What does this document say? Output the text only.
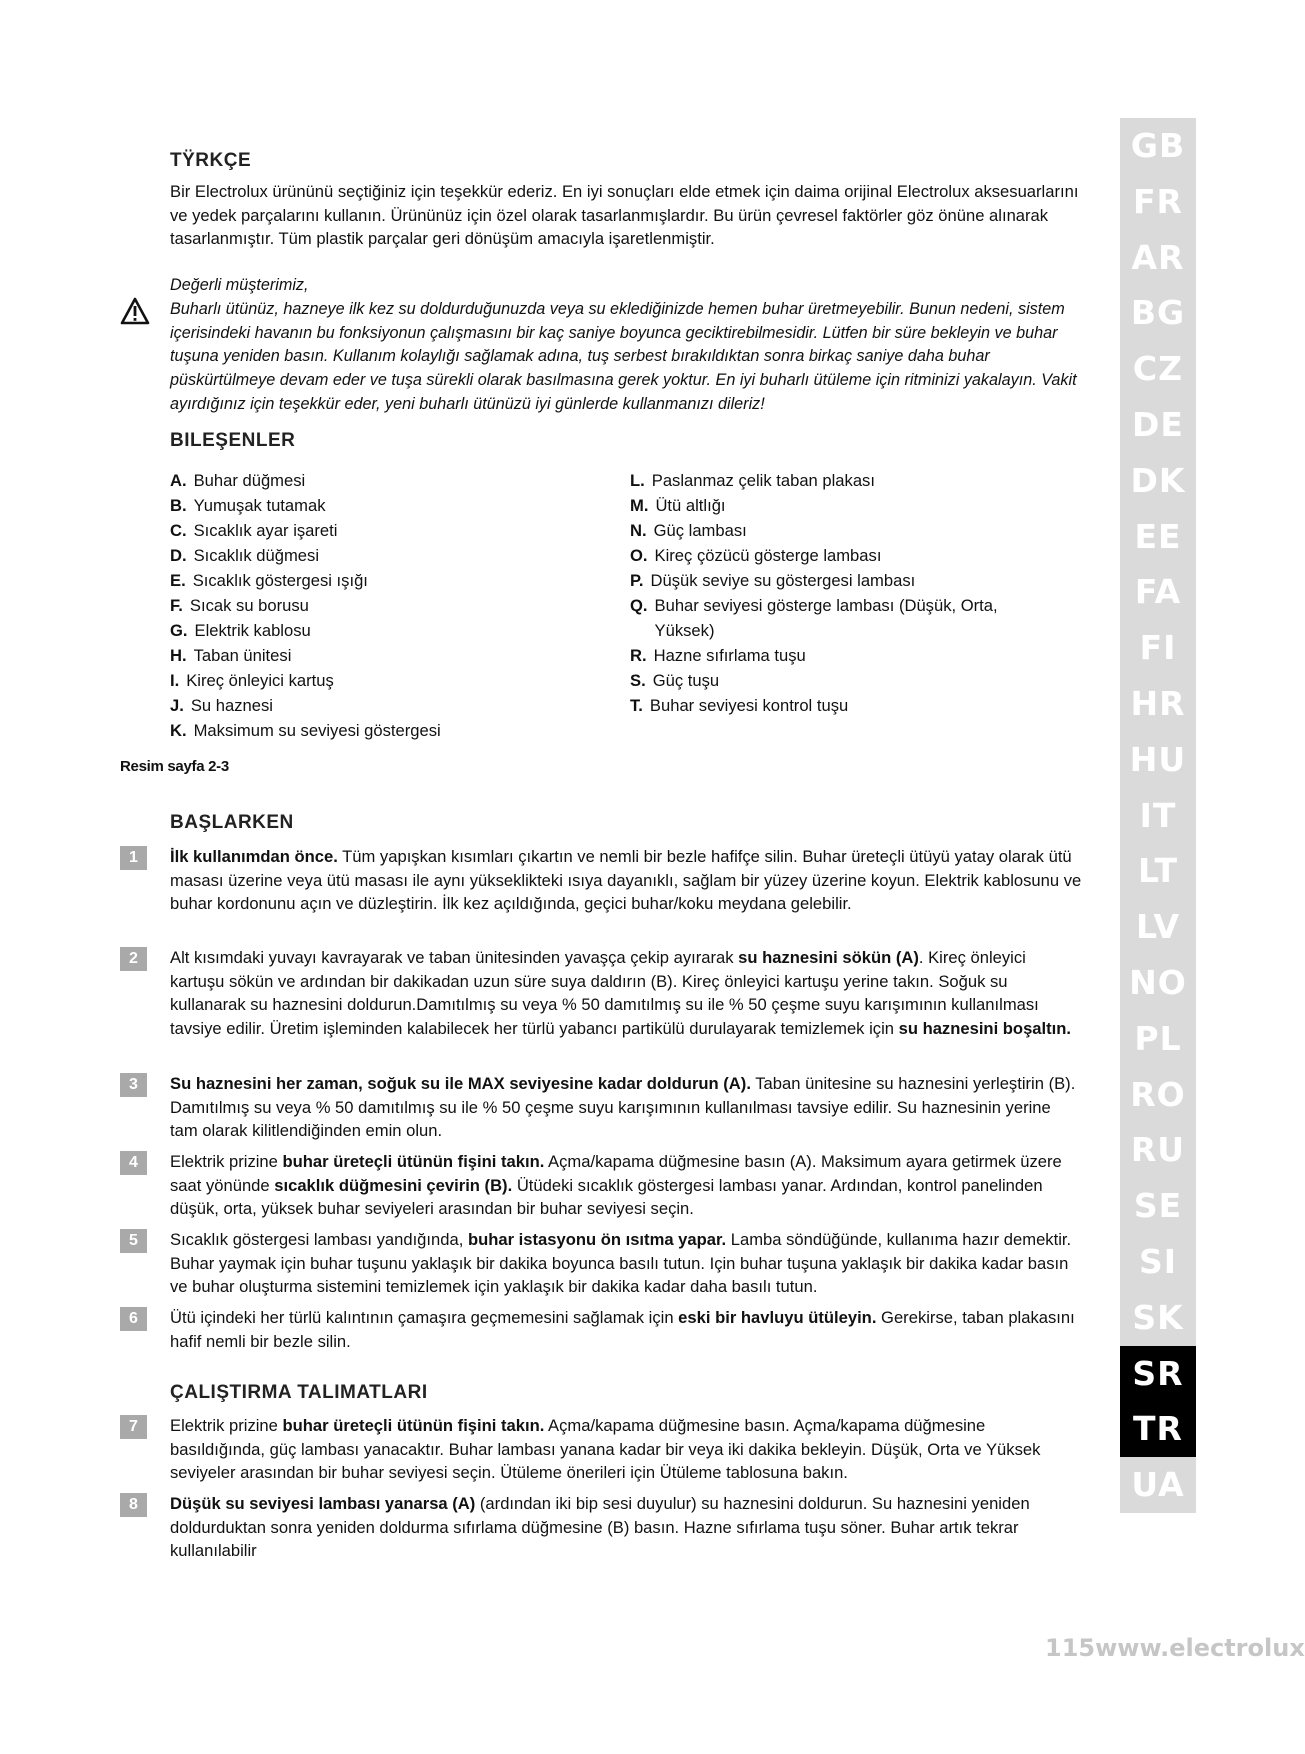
TŸRKÇE

Bir Electrolux ürününü seçtiğiniz için teşekkür ederiz. En iyi sonuçları elde etmek için daima orijinal Electrolux aksesuarlarını ve yedek parçalarını kullanın. Ürününüz için özel olarak tasarlanmışlardır. Bu ürün çevresel faktörler göz önüne alınarak tasarlanmıştır. Tüm plastik parçalar geri dönüşüm amacıyla işaretlenmiştir.

Değerli müşterimiz,

Buharlı ütünüz, hazneye ilk kez su doldurduğunuzda veya su eklediğinizde hemen buhar üretmeyebilir. Bunun nedeni, sistem içerisindeki havanın bu fonksiyonun çalışmasını bir kaç saniye boyunca geciktirebilmesidir. Lütfen bir süre bekleyin ve buhar tuşuna yeniden basın. Kullanım kolaylığı sağlamak adına, tuş serbest bırakıldıktan sonra birkaç saniye daha buhar püskürtülmeye devam eder ve tuşa sürekli olarak basılmasına gerek yoktur. En iyi buharlı ütüleme için ritminizi yakalayın. Vakit ayırdığınız için teşekkür eder, yeni buharlı ütünüzü iyi günlerde kullanmanızı dileriz!

BILEŞENLER
A. Buhar düğmesi
B. Yumuşak tutamak
C. Sıcaklık ayar işareti
D. Sıcaklık düğmesi
E. Sıcaklık göstergesi ışığı
F. Sıcak su borusu
G. Elektrik kablosu
H. Taban ünitesi
I. Kireç önleyici kartuş
J. Su haznesi
K. Maksimum su seviyesi göstergesi
L. Paslanmaz çelik taban plakası
M. Ütü altlığı
N. Güç lambası
O. Kireç çözücü gösterge lambası
P. Düşük seviye su göstergesi lambası
Q. Buhar seviyesi gösterge lambası (Düşük, Orta, Yüksek)
R. Hazne sıfırlama tuşu
S. Güç tuşu
T. Buhar seviyesi kontrol tuşu
Resim sayfa 2-3
BAŞLARKEN
1	İlk kullanımdan önce. Tüm yapışkan kısımları çıkartın ve nemli bir bezle hafifçe silin. Buhar üreteçli ütüyü yatay olarak ütü masası üzerine veya ütü masası ile aynı yükseklikteki ısıya dayanıklı, sağlam bir yüzey üzerine koyun. Elektrik kablosunu ve buhar kordonunu açın ve düzleştirin. İlk kez açıldığında, geçici buhar/koku meydana gelebilir.
2	Alt kısımdaki yuvayı kavrayarak ve taban ünitesinden yavaşça çekip ayırarak su haznesini sökün (A). Kireç önleyici kartuşu sökün ve ardından bir dakikadan uzun süre suya daldırın (B). Kireç önleyici kartuşu yerine takın. Soğuk su kullanarak su haznesini doldurun.Damıtılmış su veya % 50 damıtılmış su ile % 50 çeşme suyu karışımının kullanılması tavsiye edilir. Üretim işleminden kalabilecek her türlü yabancı partikülü durulayarak temizlemek için su haznesini boşaltın.
3	Su haznesini her zaman, soğuk su ile MAX seviyesine kadar doldurun (A). Taban ünitesine su haznesini yerleştirin (B). Damıtılmış su veya % 50 damıtılmış su ile % 50 çeşme suyu karışımının kullanılması tavsiye edilir. Su haznesinin yerine tam olarak kilitlendiğinden emin olun.
4	Elektrik prizine buhar üreteçli ütünün fişini takın. Açma/kapama düğmesine basın (A). Maksimum ayara getirmek üzere saat yönünde sıcaklık düğmesini çevirin (B). Ütüdeki sıcaklık göstergesi lambası yanar. Ardından, kontrol panelinden düşük, orta, yüksek buhar seviyeleri arasından bir buhar seviyesi seçin.
5	Sıcaklık göstergesi lambası yandığında, buhar istasyonu ön ısıtma yapar. Lamba söndüğünde, kullanıma hazır demektir. Buhar yaymak için buhar tuşunu yaklaşık bir dakika boyunca basılı tutun. Için buhar tuşuna yaklaşık bir dakika kadar basın ve buhar oluşturma sistemini temizlemek için yaklaşık bir dakika kadar daha basılı tutun.
6	Ütü içindeki her türlü kalıntının çamaşıra geçmemesini sağlamak için eski bir havluyu ütüleyin. Gerekirse, taban plakasını hafif nemli bir bezle silin.
ÇALIŞTIRMA TALIMATLARI
7	Elektrik prizine buhar üreteçli ütünün fişini takın. Açma/kapama düğmesine basın. Açma/kapama düğmesine basıldığında, güç lambası yanacaktır. Buhar lambası yanana kadar bir veya iki dakika bekleyin. Düşük, Orta ve Yüksek seviyeler arasından bir buhar seviyesi seçin. Ütüleme önerileri için Ütüleme tablosuna bakın.
8	Düşük su seviyesi lambası yanarsa (A) (ardından iki bip sesi duyulur) su haznesini doldurun. Su haznesini yeniden doldurduktan sonra yeniden doldurma sıfırlama düğmesine (B) basın. Hazne sıfırlama tuşu söner. Buhar artık tekrar kullanılabilir
GB
FR
AR
BG
CZ
DE
DK
EE
FA
FI
HR
HU
IT
LT
LV
NO
PL
RO
RU
SE
SI
SK
SR
TR
UA
115www.electrolux
